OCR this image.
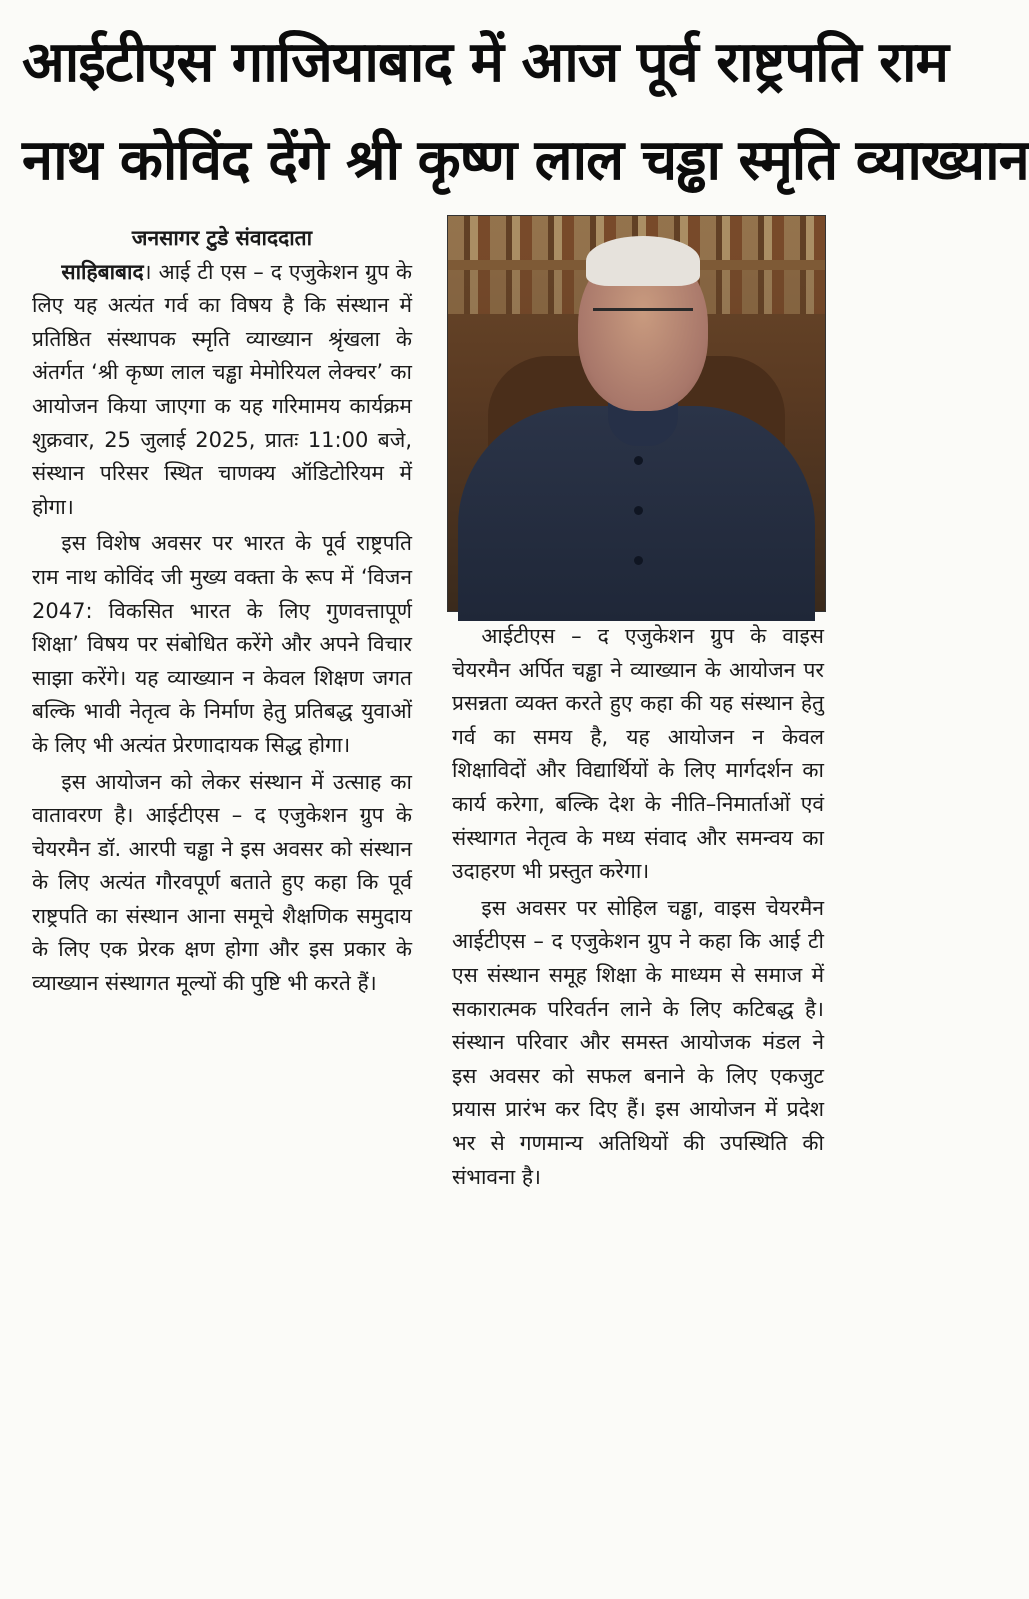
आईटीएस गाजियाबाद में आज पूर्व राष्ट्रपति राम
नाथ कोविंद देंगे श्री कृष्ण लाल चड्ढा स्मृति व्याख्यान
जनसागर टुडे संवाददाता

साहिबाबाद। आई टी एस – द एजुकेशन ग्रुप के लिए यह अत्यंत गर्व का विषय है कि संस्थान में प्रतिष्ठित संस्थापक स्मृति व्याख्यान श्रृंखला के अंतर्गत ‘श्री कृष्ण लाल चड्ढा मेमोरियल लेक्चर’ का आयोजन किया जाएगा क यह गरिमामय कार्यक्रम शुक्रवार, 25 जुलाई 2025, प्रातः 11:00 बजे, संस्थान परिसर स्थित चाणक्य ऑडिटोरियम में होगा।

इस विशेष अवसर पर भारत के पूर्व राष्ट्रपति राम नाथ कोविंद जी मुख्य वक्ता के रूप में ‘विजन 2047: विकसित भारत के लिए गुणवत्तापूर्ण शिक्षा’ विषय पर संबोधित करेंगे और अपने विचार साझा करेंगे। यह व्याख्यान न केवल शिक्षण जगत बल्कि भावी नेतृत्व के निर्माण हेतु प्रतिबद्ध युवाओं के लिए भी अत्यंत प्रेरणादायक सिद्ध होगा।

इस आयोजन को लेकर संस्थान में उत्साह का वातावरण है। आईटीएस – द एजुकेशन ग्रुप के चेयरमैन डॉ. आरपी चड्ढा ने इस अवसर को संस्थान के लिए अत्यंत गौरवपूर्ण बताते हुए कहा कि पूर्व राष्ट्रपति का संस्थान आना समूचे शैक्षणिक समुदाय के लिए एक प्रेरक क्षण होगा और इस प्रकार के व्याख्यान संस्थागत मूल्यों की पुष्टि भी करते हैं।

आईटीएस – द एजुकेशन ग्रुप के वाइस चेयरमैन अर्पित चड्ढा ने व्याख्यान के आयोजन पर प्रसन्नता व्यक्त करते हुए कहा की यह संस्थान हेतु गर्व का समय है, यह आयोजन न केवल शिक्षाविदों और विद्यार्थियों के लिए मार्गदर्शन का कार्य करेगा, बल्कि देश के नीति–निमार्ताओं एवं संस्थागत नेतृत्व के मध्य संवाद और समन्वय का उदाहरण भी प्रस्तुत करेगा।

इस अवसर पर सोहिल चड्ढा, वाइस चेयरमैन आईटीएस – द एजुकेशन ग्रुप ने कहा कि आई टी एस संस्थान समूह शिक्षा के माध्यम से समाज में सकारात्मक परिवर्तन लाने के लिए कटिबद्ध है। संस्थान परिवार और समस्त आयोजक मंडल ने इस अवसर को सफल बनाने के लिए एकजुट प्रयास प्रारंभ कर दिए हैं। इस आयोजन में प्रदेश भर से गणमान्य अतिथियों की उपस्थिति की संभावना है।
